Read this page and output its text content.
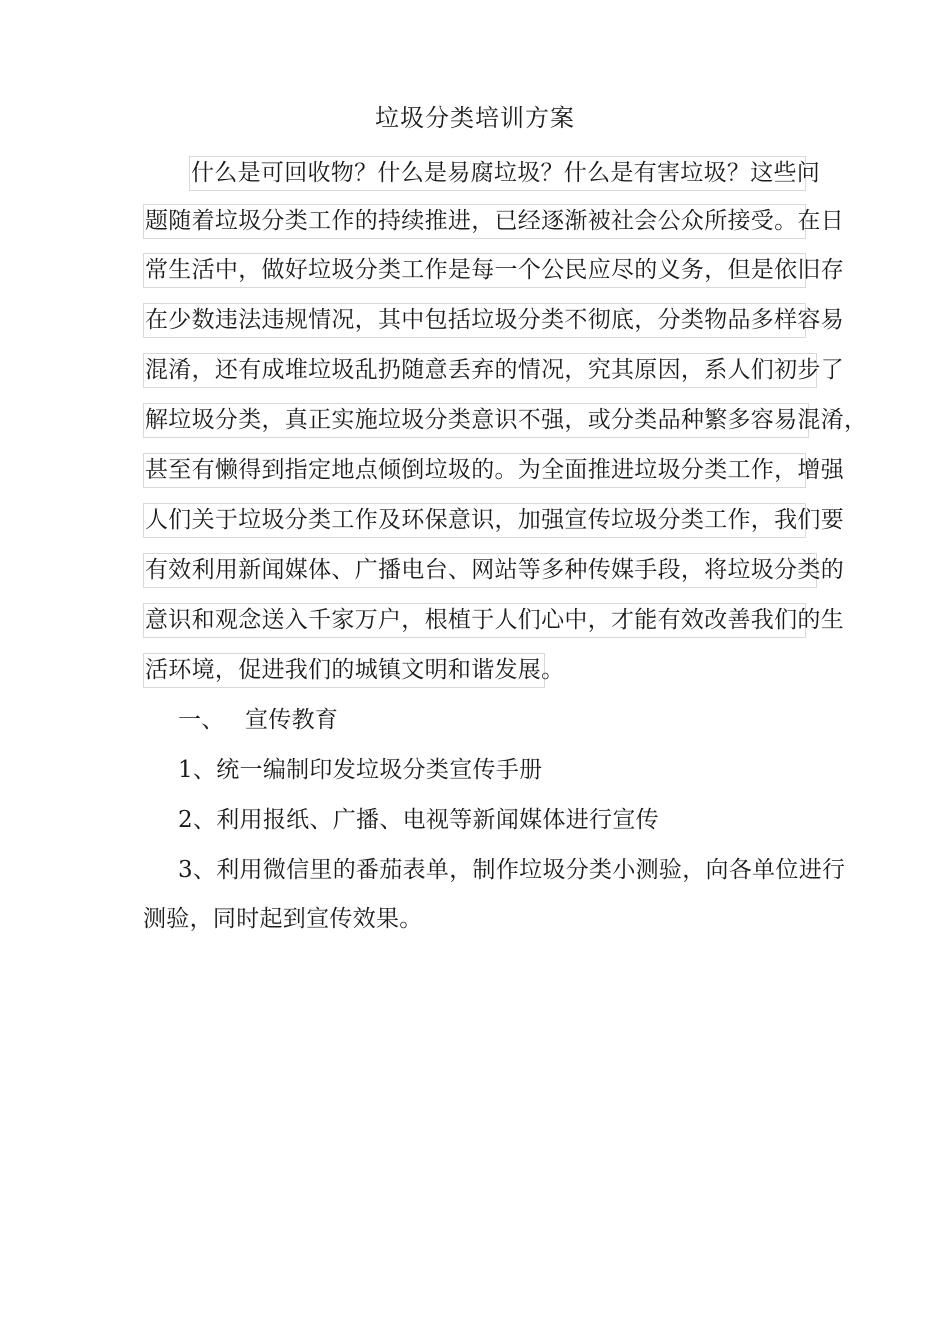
垃圾分类培训方案
什么是可回收物？什么是易腐垃圾？什么是有害垃圾？这些问
题随着垃圾分类工作的持续推进，已经逐渐被社会公众所接受。在日
常生活中，做好垃圾分类工作是每一个公民应尽的义务，但是依旧存
在少数违法违规情况，其中包括垃圾分类不彻底，分类物品多样容易
混淆，还有成堆垃圾乱扔随意丢弃的情况，究其原因，系人们初步了
解垃圾分类，真正实施垃圾分类意识不强，或分类品种繁多容易混淆，
甚至有懒得到指定地点倾倒垃圾的。为全面推进垃圾分类工作，增强
人们关于垃圾分类工作及环保意识，加强宣传垃圾分类工作，我们要
有效利用新闻媒体、广播电台、网站等多种传媒手段，将垃圾分类的
意识和观念送入千家万户，根植于人们心中，才能有效改善我们的生
活环境，促进我们的城镇文明和谐发展。
一、 宣传教育
1、统一编制印发垃圾分类宣传手册
2、利用报纸、广播、电视等新闻媒体进行宣传
3、利用微信里的番茄表单，制作垃圾分类小测验，向各单位进行
测验，同时起到宣传效果。
